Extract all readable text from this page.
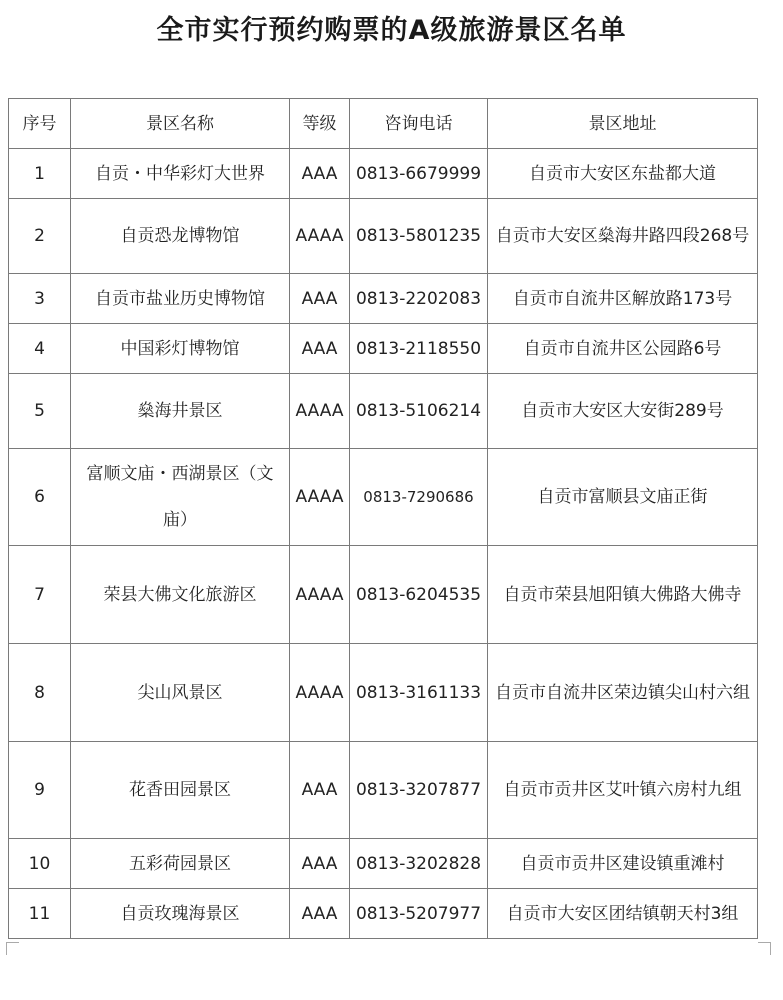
全市实行预约购票的A级旅游景区名单
序号	景区名称	等级	咨询电话	景区地址
1	自贡・中华彩灯大世界	AAA	0813-6679999	自贡市大安区东盐都大道
2	自贡恐龙博物馆	AAAA	0813-5801235	自贡市大安区燊海井路四段268号
3	自贡市盐业历史博物馆	AAA	0813-2202083	自贡市自流井区解放路173号
4	中国彩灯博物馆	AAA	0813-2118550	自贡市自流井区公园路6号
5	燊海井景区	AAAA	0813-5106214	自贡市大安区大安街289号
6	富顺文庙・西湖景区（文庙）	AAAA	0813-7290686	自贡市富顺县文庙正街
7	荣县大佛文化旅游区	AAAA	0813-6204535	自贡市荣县旭阳镇大佛路大佛寺
8	尖山风景区	AAAA	0813-3161133	自贡市自流井区荣边镇尖山村六组
9	花香田园景区	AAA	0813-3207877	自贡市贡井区艾叶镇六房村九组
10	五彩荷园景区	AAA	0813-3202828	自贡市贡井区建设镇重滩村
11	自贡玫瑰海景区	AAA	0813-5207977	自贡市大安区团结镇朝天村3组
